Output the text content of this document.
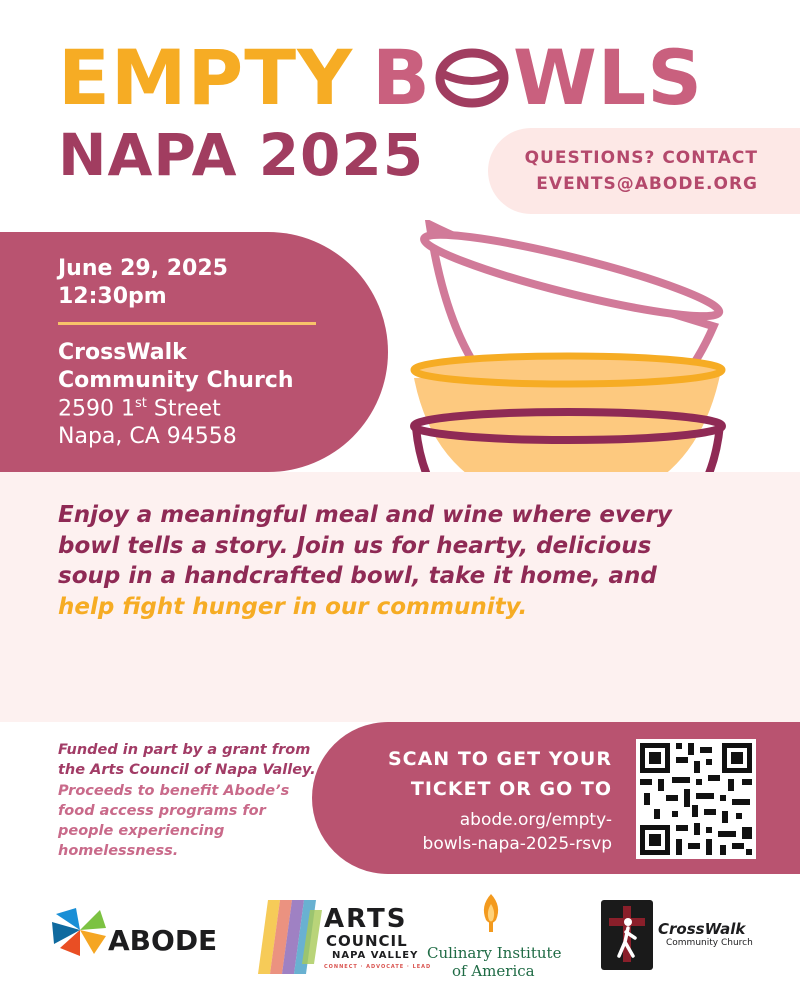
EMPTY B WLS
NAPA 2025	QUESTIONS? CONTACT
EVENTS@ABODE.ORG
June 29, 2025
12:30pm
CrossWalk
Community Church
2590 1st Street
Napa, CA 94558
Enjoy a meaningful meal and wine where every bowl tells a story. Join us for hearty, delicious soup in a handcrafted bowl, take it home, and help fight hunger in our community.
Funded in part by a grant from the Arts Council of Napa Valley. Proceeds to benefit Abode’s food access programs for people experiencing homelessness.
SCAN TO GET YOUR
TICKET OR GO TO
abode.org/empty-
bowls-napa-2025-rsvp
ABODE
ARTS
COUNCIL
NAPA VALLEY
CONNECT · ADVOCATE · LEAD
Culinary Institute
of America
CrossWalk
Community Church
